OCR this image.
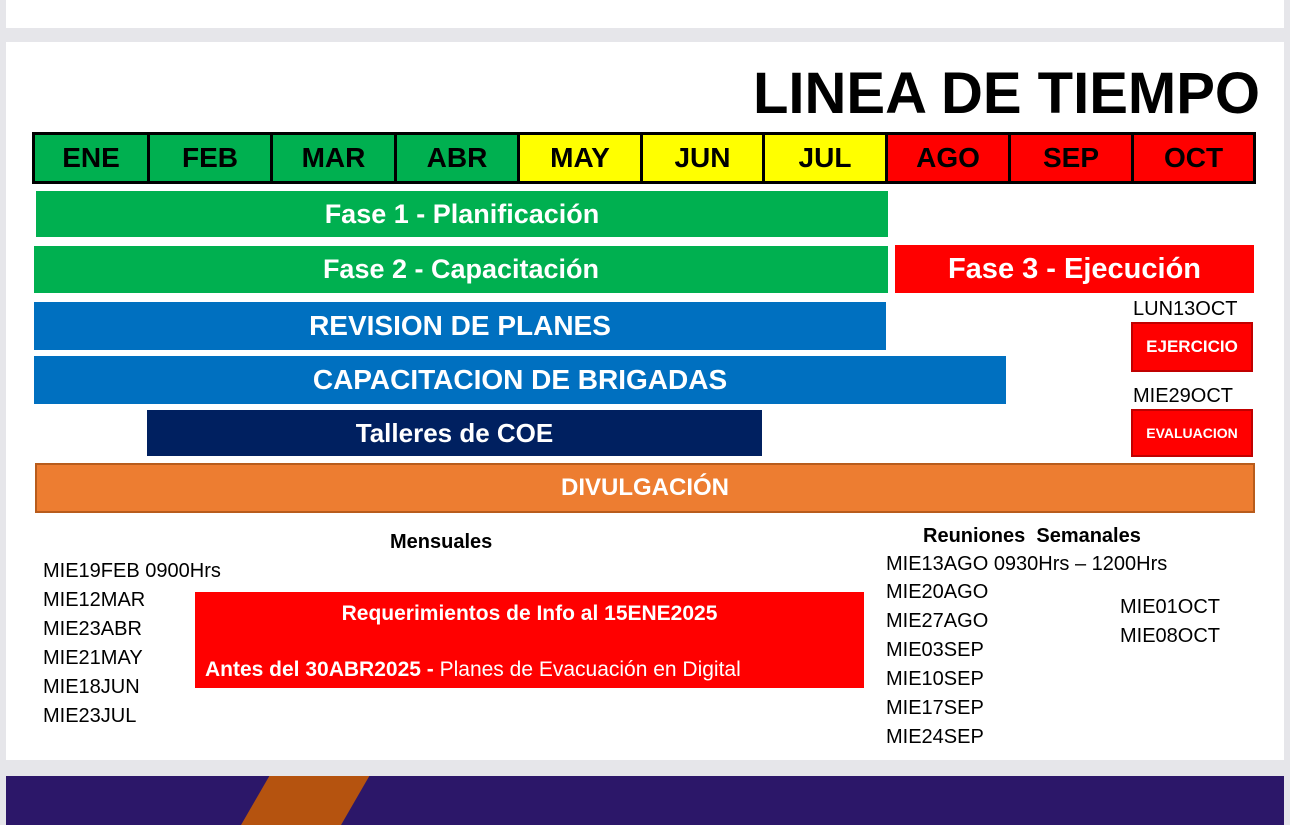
LINEA DE TIEMPO
ENE	FEB	MAR	ABR	MAY	JUN	JUL	AGO	SEP	OCT
Fase 1 - Planificación
Fase 2 - Capacitación	Fase 3 - Ejecución
REVISION DE PLANES
CAPACITACION DE BRIGADAS
Talleres de COE
DIVULGACIÓN
LUN13OCT
EJERCICIO
MIE29OCT
EVALUACION
Mensuales
MIE19FEB 0900Hrs
MIE12MAR
MIE23ABR
MIE21MAY
MIE18JUN
MIE23JUL
Requerimientos de Info al 15ENE2025
Antes del 30ABR2025 - Planes de Evacuación en Digital
Reuniones  Semanales
MIE13AGO 0930Hrs – 1200Hrs
MIE20AGO
MIE27AGO
MIE03SEP
MIE10SEP
MIE17SEP
MIE24SEP
MIE01OCT
MIE08OCT
